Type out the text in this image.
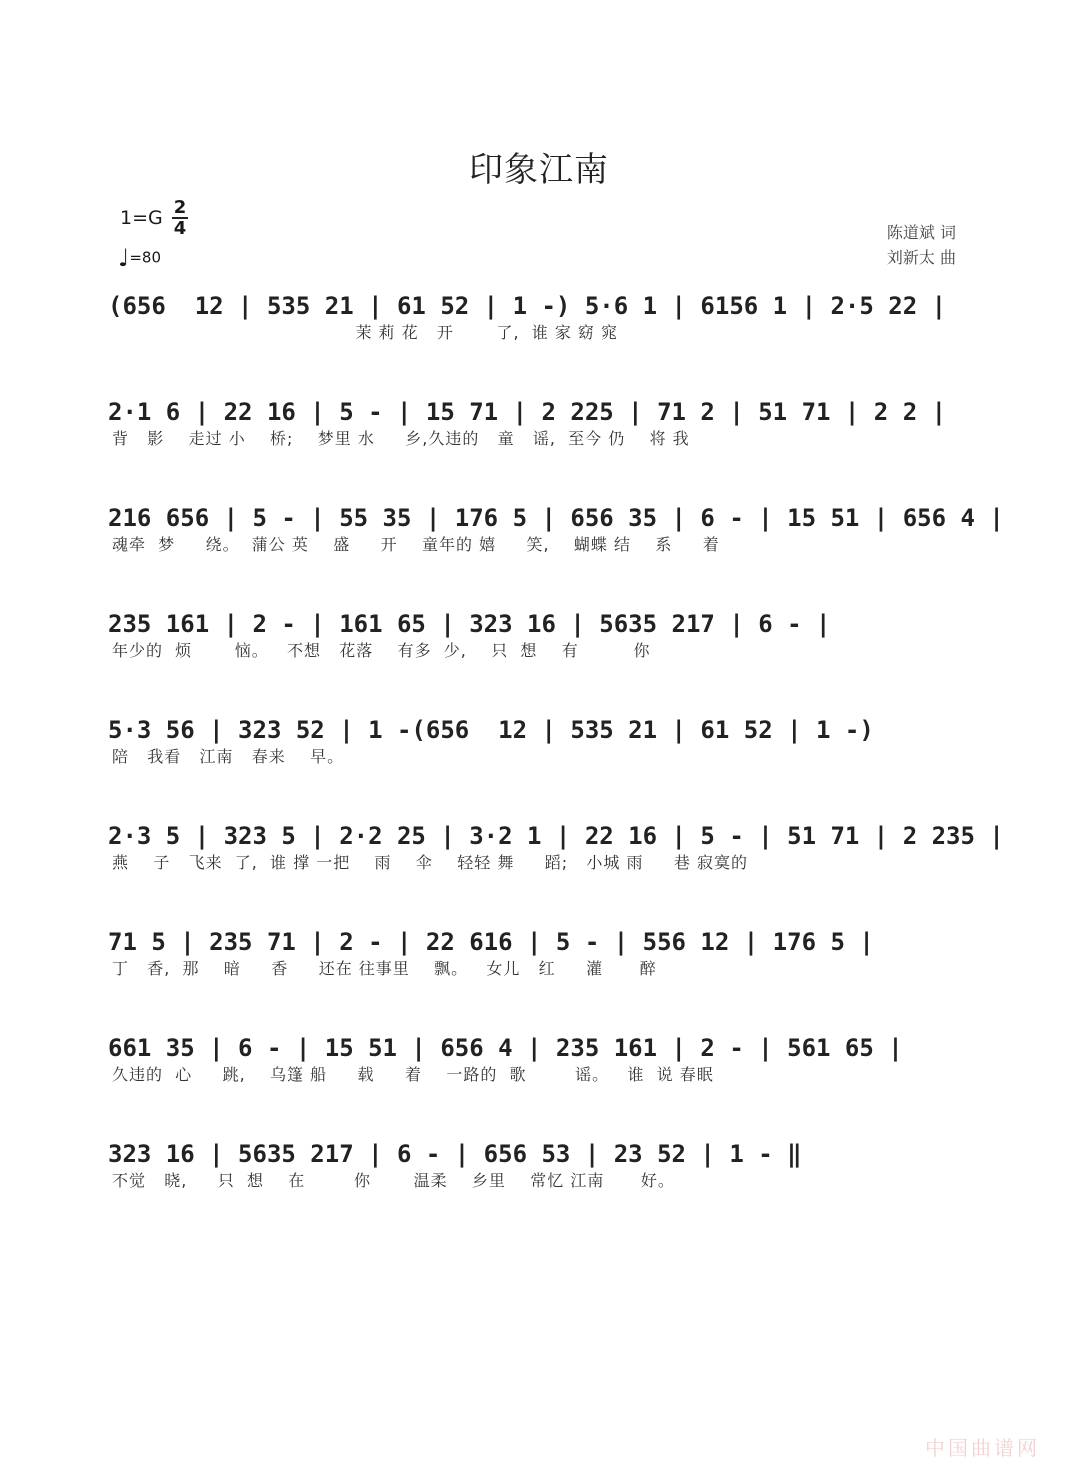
印象江南
$1=G \frac{2}{4}$
♩=80
陈道斌 词
刘新太 曲
(656  12 | 535 21 | 61 52 | 1 -) 5·6 1 | 6156 1 | 2·5 22 |
茉 莉 花   开       了,  谁 家 窈 窕
2·1 6 | 22 16 | 5 - | 15 71 | 2 225 | 71 2 | 51 71 | 2 2 |
背   影    走过 小    桥;    梦里 水     乡,久违的   童   谣,  至今 仍    将 我
216 656 | 5 - | 55 35 | 176 5 | 656 35 | 6 - | 15 51 | 656 4 |
魂牵  梦     绕。  蒲公 英    盛     开    童年的 嬉     笑,    蝴蝶 结    系     着
235 161 | 2 - | 161 65 | 323 16 | 5635 217 | 6 - |
年少的  烦       恼。   不想   花落    有多  少,    只  想    有         你
5·3 56 | 323 52 | 1 -(656  12 | 535 21 | 61 52 | 1 -)
陪   我看   江南   春来    早。
2·3 5 | 323 5 | 2·2 25 | 3·2 1 | 22 16 | 5 - | 51 71 | 2 235 |
燕    子   飞来  了,  谁 撑 一把    雨    伞    轻轻 舞     蹈;   小城 雨     巷 寂寞的
71 5 | 235 71 | 2 - | 22 616 | 5 - | 556 12 | 176 5 |
丁   香,  那    暗     香     还在 往事里    飘。   女儿   红     灌      醉
661 35 | 6 - | 15 51 | 656 4 | 235 161 | 2 - | 561 65 |
久违的  心     跳,    乌篷 船     载     着    一路的  歌        谣。   谁  说 春眠
323 16 | 5635 217 | 6 - | 656 53 | 23 52 | 1 - ‖
不觉   晓,     只  想    在        你       温柔    乡里    常忆 江南      好。
中国曲谱网
